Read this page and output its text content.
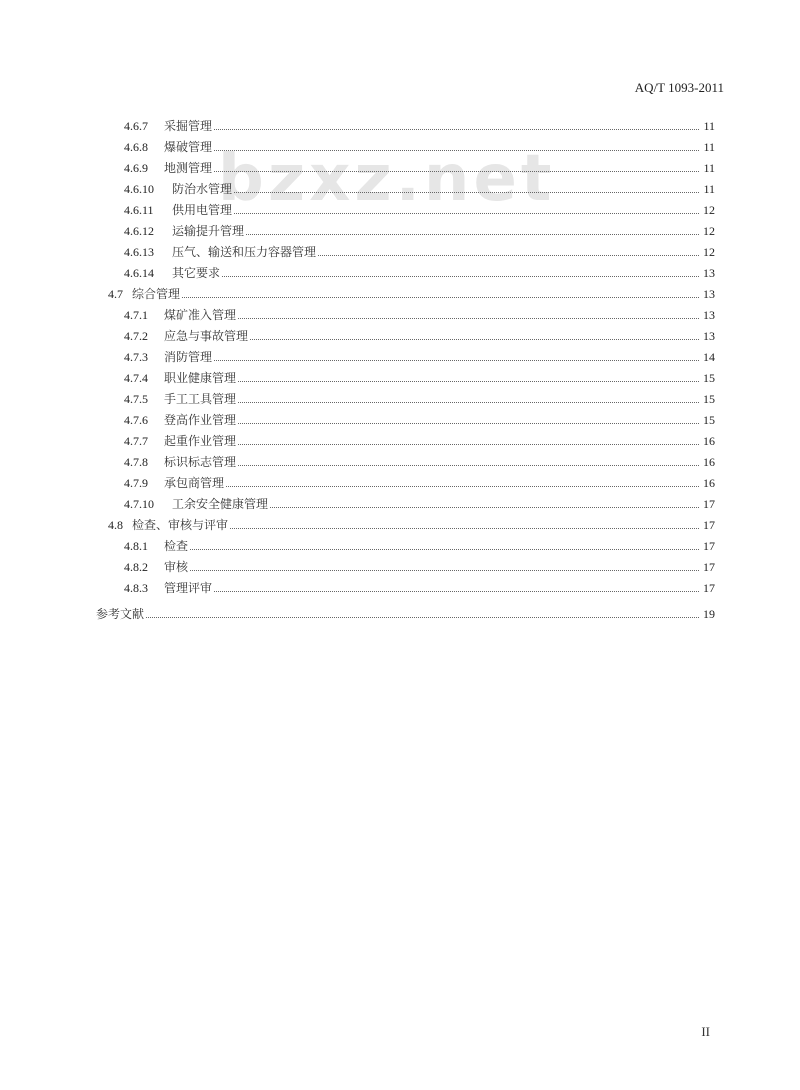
AQ/T 1093-2011
bzxz.net
4.6.7	采掘管理	11
4.6.8	爆破管理	11
4.6.9	地测管理	11
4.6.10	防治水管理	11
4.6.11	供用电管理	12
4.6.12	运输提升管理	12
4.6.13	压气、输送和压力容器管理	12
4.6.14	其它要求	13
4.7 综合管理	13
4.7.1	煤矿准入管理	13
4.7.2	应急与事故管理	13
4.7.3	消防管理	14
4.7.4	职业健康管理	15
4.7.5	手工工具管理	15
4.7.6	登高作业管理	15
4.7.7	起重作业管理	16
4.7.8	标识标志管理	16
4.7.9	承包商管理	16
4.7.10	工余安全健康管理	17
4.8 检查、审核与评审	17
4.8.1	检查	17
4.8.2	审核	17
4.8.3	管理评审	17
参考文献	19
II
